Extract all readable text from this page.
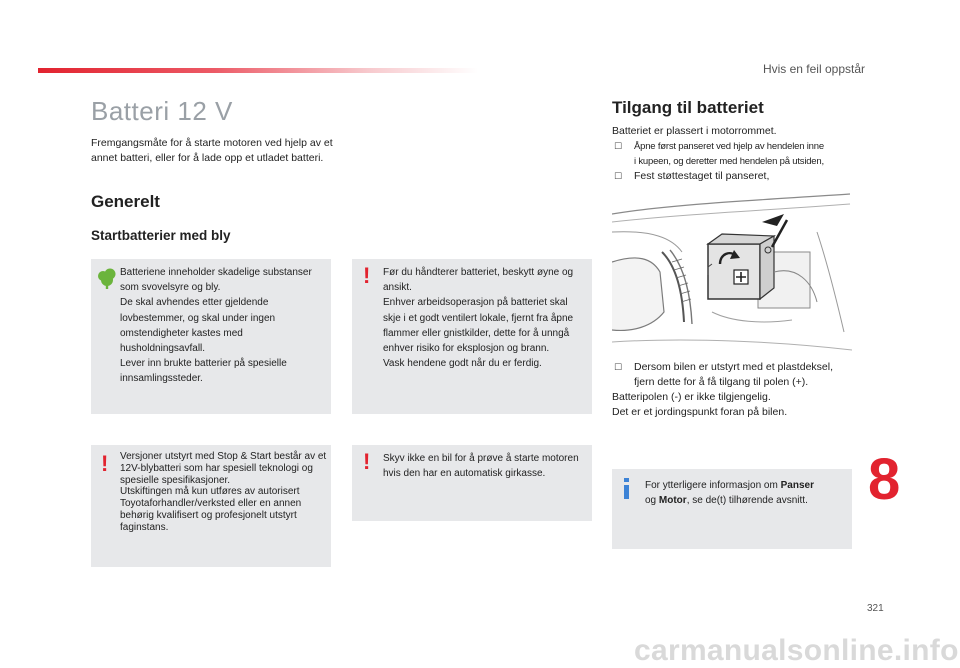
Hvis en feil oppstår
Batteri 12 V
Fremgangsmåte for å starte motoren ved hjelp av et annet batteri, eller for å lade opp et utladet batteri.
Generelt
Startbatterier med bly
Batteriene inneholder skadelige substanser som svovelsyre og bly.
De skal avhendes etter gjeldende lovbestemmer, og skal under ingen omstendigheter kastes med husholdningsavfall.
Lever inn brukte batterier på spesielle innsamlingssteder.
! Før du håndterer batteriet, beskytt øyne og ansikt.
Enhver arbeidsoperasjon på batteriet skal skje i et godt ventilert lokale, fjernt fra åpne flammer eller gnistkilder, dette for å unngå enhver risiko for eksplosjon og brann.
Vask hendene godt når du er ferdig.
! Versjoner utstyrt med Stop & Start består av et 12V-blybatteri som har spesiell teknologi og spesielle spesifikasjoner.
Utskiftingen må kun utføres av autorisert Toyotaforhandler/verksted eller en annen behørig kvalifisert og profesjonelt utstyrt faginstans.
! Skyv ikke en bil for å prøve å starte motoren hvis den har en automatisk girkasse.
Tilgang til batteriet
Batteriet er plassert i motorrommet.
☐ Åpne først panseret ved hjelp av hendelen inne
i kupeen, og deretter med hendelen på utsiden,
☐ Fest støttestaget til panseret,
☐ Dersom bilen er utstyrt med et plastdeksel,
fjern dette for å få tilgang til polen (+).
Batteripolen (-) er ikke tilgjengelig.
Det er et jordingspunkt foran på bilen.
For ytterligere informasjon om Panser
og Motor, se de(t) tilhørende avsnitt.	8
321
carmanualsonline.info
